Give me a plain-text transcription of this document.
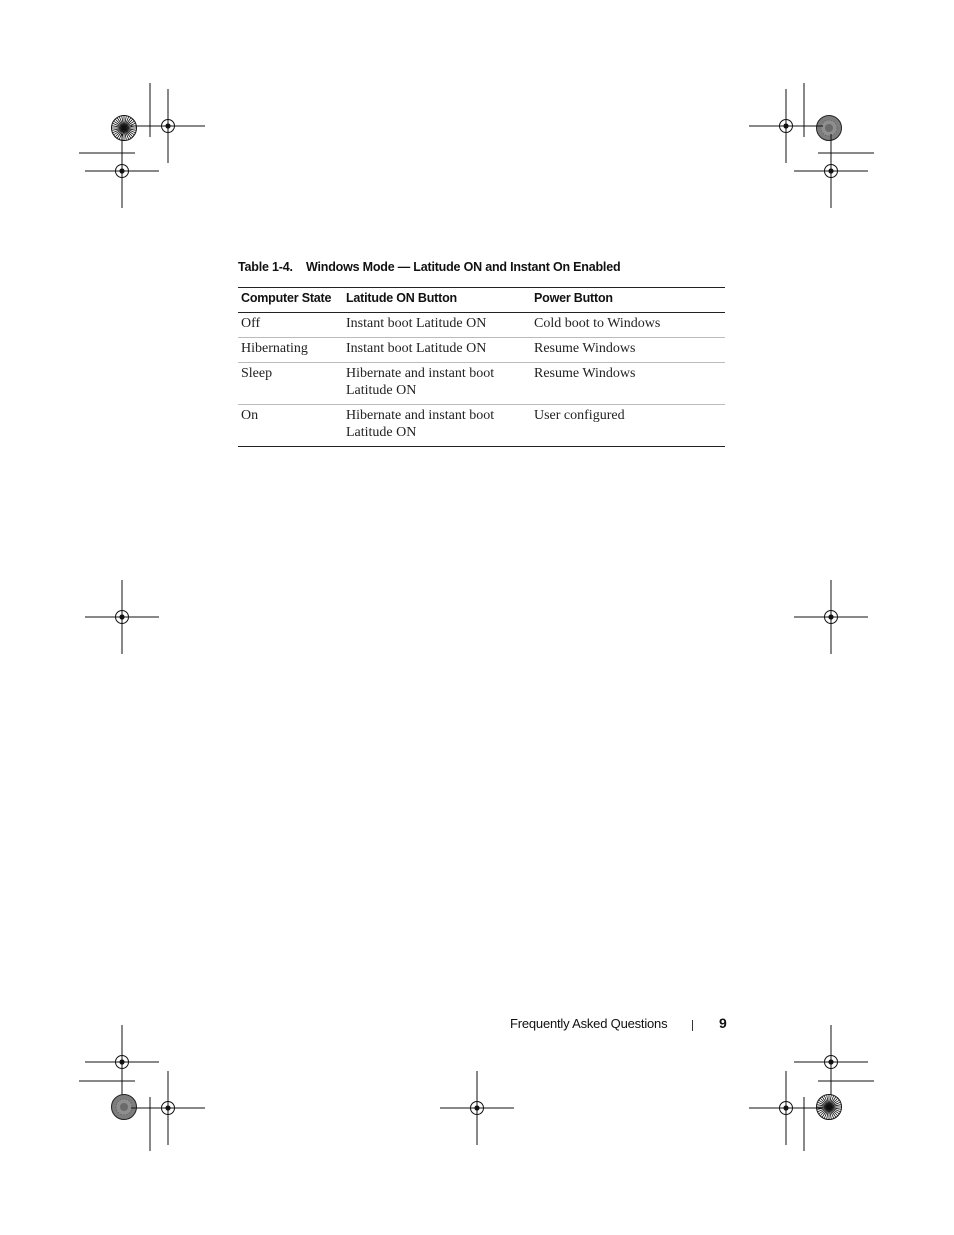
Table 1-4. Windows Mode — Latitude ON and Instant On Enabled
Computer State	Latitude ON Button	Power Button
Off	Instant boot Latitude ON	Cold boot to Windows
Hibernating	Instant boot Latitude ON	Resume Windows
Sleep	Hibernate and instant boot Latitude ON	Resume Windows
On	Hibernate and instant boot Latitude ON	User configured
Frequently Asked Questions	9
